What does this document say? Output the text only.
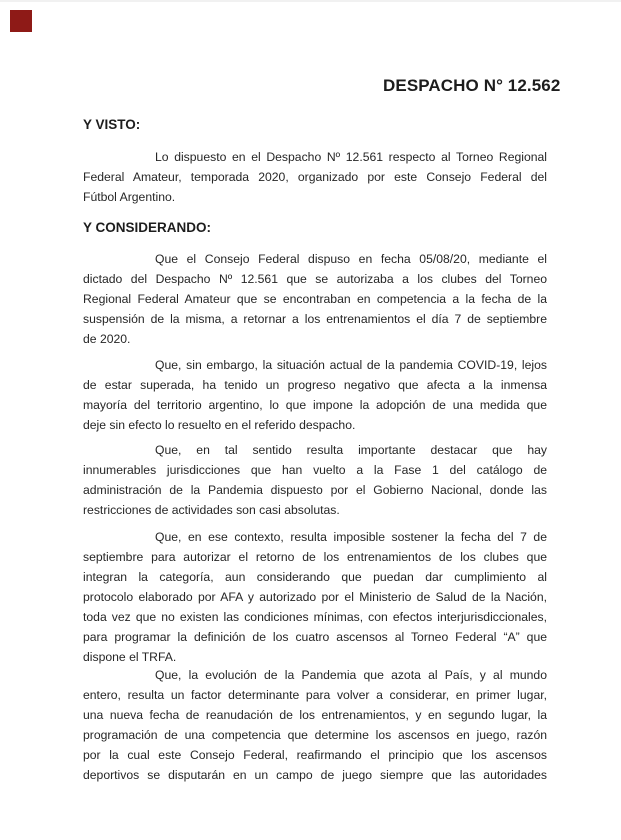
DESPACHO N° 12.562
Y VISTO:
Lo dispuesto en el Despacho Nº 12.561 respecto al Torneo Regional
Federal Amateur, temporada 2020, organizado por este Consejo Federal del
Fútbol Argentino.
Y CONSIDERANDO:
Que el Consejo Federal dispuso en fecha 05/08/20, mediante el
dictado del Despacho Nº 12.561 que se autorizaba a los clubes del Torneo
Regional Federal Amateur que se encontraban en competencia a la fecha de la
suspensión de la misma, a retornar a los entrenamientos el día 7 de septiembre
de 2020.
Que, sin embargo, la situación actual de la pandemia COVID-19, lejos
de estar superada, ha tenido un progreso negativo que afecta a la inmensa
mayoría del territorio argentino, lo que impone la adopción de una medida que
deje sin efecto lo resuelto en el referido despacho.
Que, en tal sentido resulta importante destacar que hay
innumerables jurisdicciones que han vuelto a la Fase 1 del catálogo de
administración de la Pandemia dispuesto por el Gobierno Nacional, donde las
restricciones de actividades son casi absolutas.
Que, en ese contexto, resulta imposible sostener la fecha del 7 de
septiembre para autorizar el retorno de los entrenamientos de los clubes que
integran la categoría, aun considerando que puedan dar cumplimiento al
protocolo elaborado por AFA y autorizado por el Ministerio de Salud de la Nación,
toda vez que no existen las condiciones mínimas, con efectos interjurisdiccionales,
para programar la definición de los cuatro ascensos al Torneo Federal “A” que
dispone el TRFA.
Que, la evolución de la Pandemia que azota al País, y al mundo
entero, resulta un factor determinante para volver a considerar, en primer lugar,
una nueva fecha de reanudación de los entrenamientos, y en segundo lugar, la
programación de una competencia que determine los ascensos en juego, razón
por la cual este Consejo Federal, reafirmando el principio que los ascensos
deportivos se disputarán en un campo de juego siempre que las autoridades
